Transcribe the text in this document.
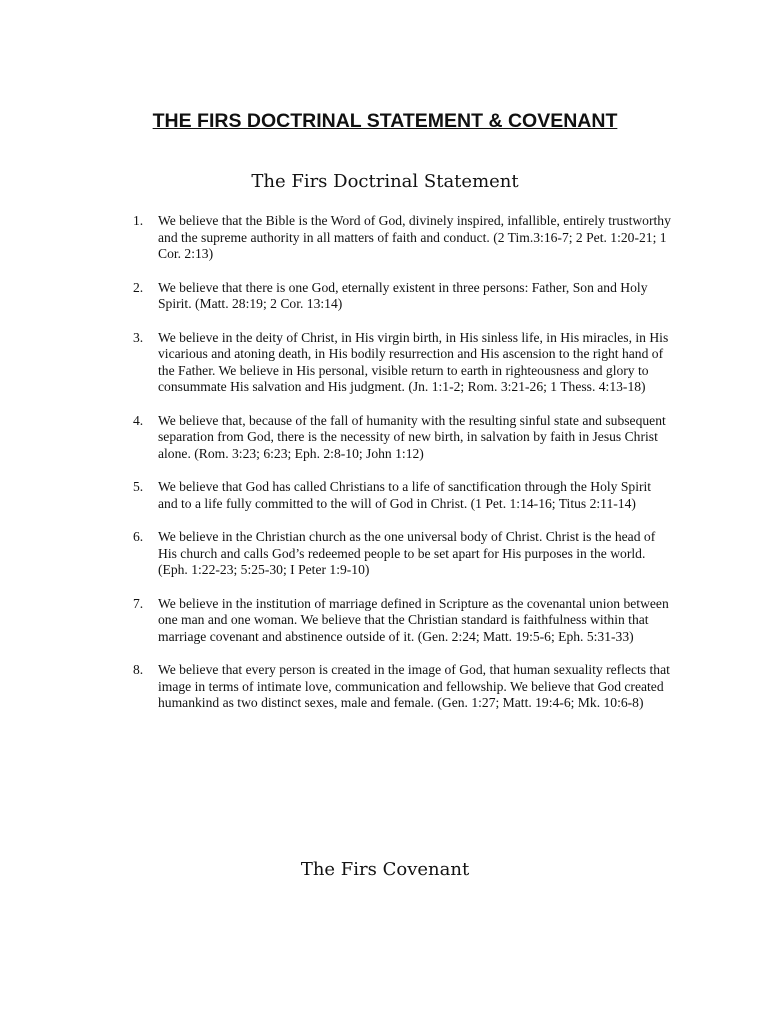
THE FIRS DOCTRINAL STATEMENT & COVENANT
The Firs Doctrinal Statement
1.	We believe that the Bible is the Word of God, divinely inspired, infallible, entirely trustworthy and the supreme authority in all matters of faith and conduct. (2 Tim.3:16-7; 2 Pet. 1:20-21; 1 Cor. 2:13)
2.	We believe that there is one God, eternally existent in three persons: Father, Son and Holy Spirit. (Matt. 28:19; 2 Cor. 13:14)
3.	We believe in the deity of Christ, in His virgin birth, in His sinless life, in His miracles, in His vicarious and atoning death, in His bodily resurrection and His ascension to the right hand of the Father. We believe in His personal, visible return to earth in righteousness and glory to consummate His salvation and His judgment. (Jn. 1:1-2; Rom. 3:21-26; 1 Thess. 4:13-18)
4.	We believe that, because of the fall of humanity with the resulting sinful state and subsequent separation from God, there is the necessity of new birth, in salvation by faith in Jesus Christ alone. (Rom. 3:23; 6:23; Eph. 2:8-10; John 1:12)
5.	We believe that God has called Christians to a life of sanctification through the Holy Spirit and to a life fully committed to the will of God in Christ. (1 Pet. 1:14-16; Titus 2:11-14)
6.	We believe in the Christian church as the one universal body of Christ. Christ is the head of His church and calls God’s redeemed people to be set apart for His purposes in the world. (Eph. 1:22-23; 5:25-30; I Peter 1:9-10)
7.	We believe in the institution of marriage defined in Scripture as the covenantal union between one man and one woman. We believe that the Christian standard is faithfulness within that marriage covenant and abstinence outside of it. (Gen. 2:24; Matt. 19:5-6; Eph. 5:31-33)
8.	We believe that every person is created in the image of God, that human sexuality reflects that image in terms of intimate love, communication and fellowship. We believe that God created humankind as two distinct sexes, male and female. (Gen. 1:27; Matt. 19:4-6; Mk. 10:6-8)
The Firs Covenant
